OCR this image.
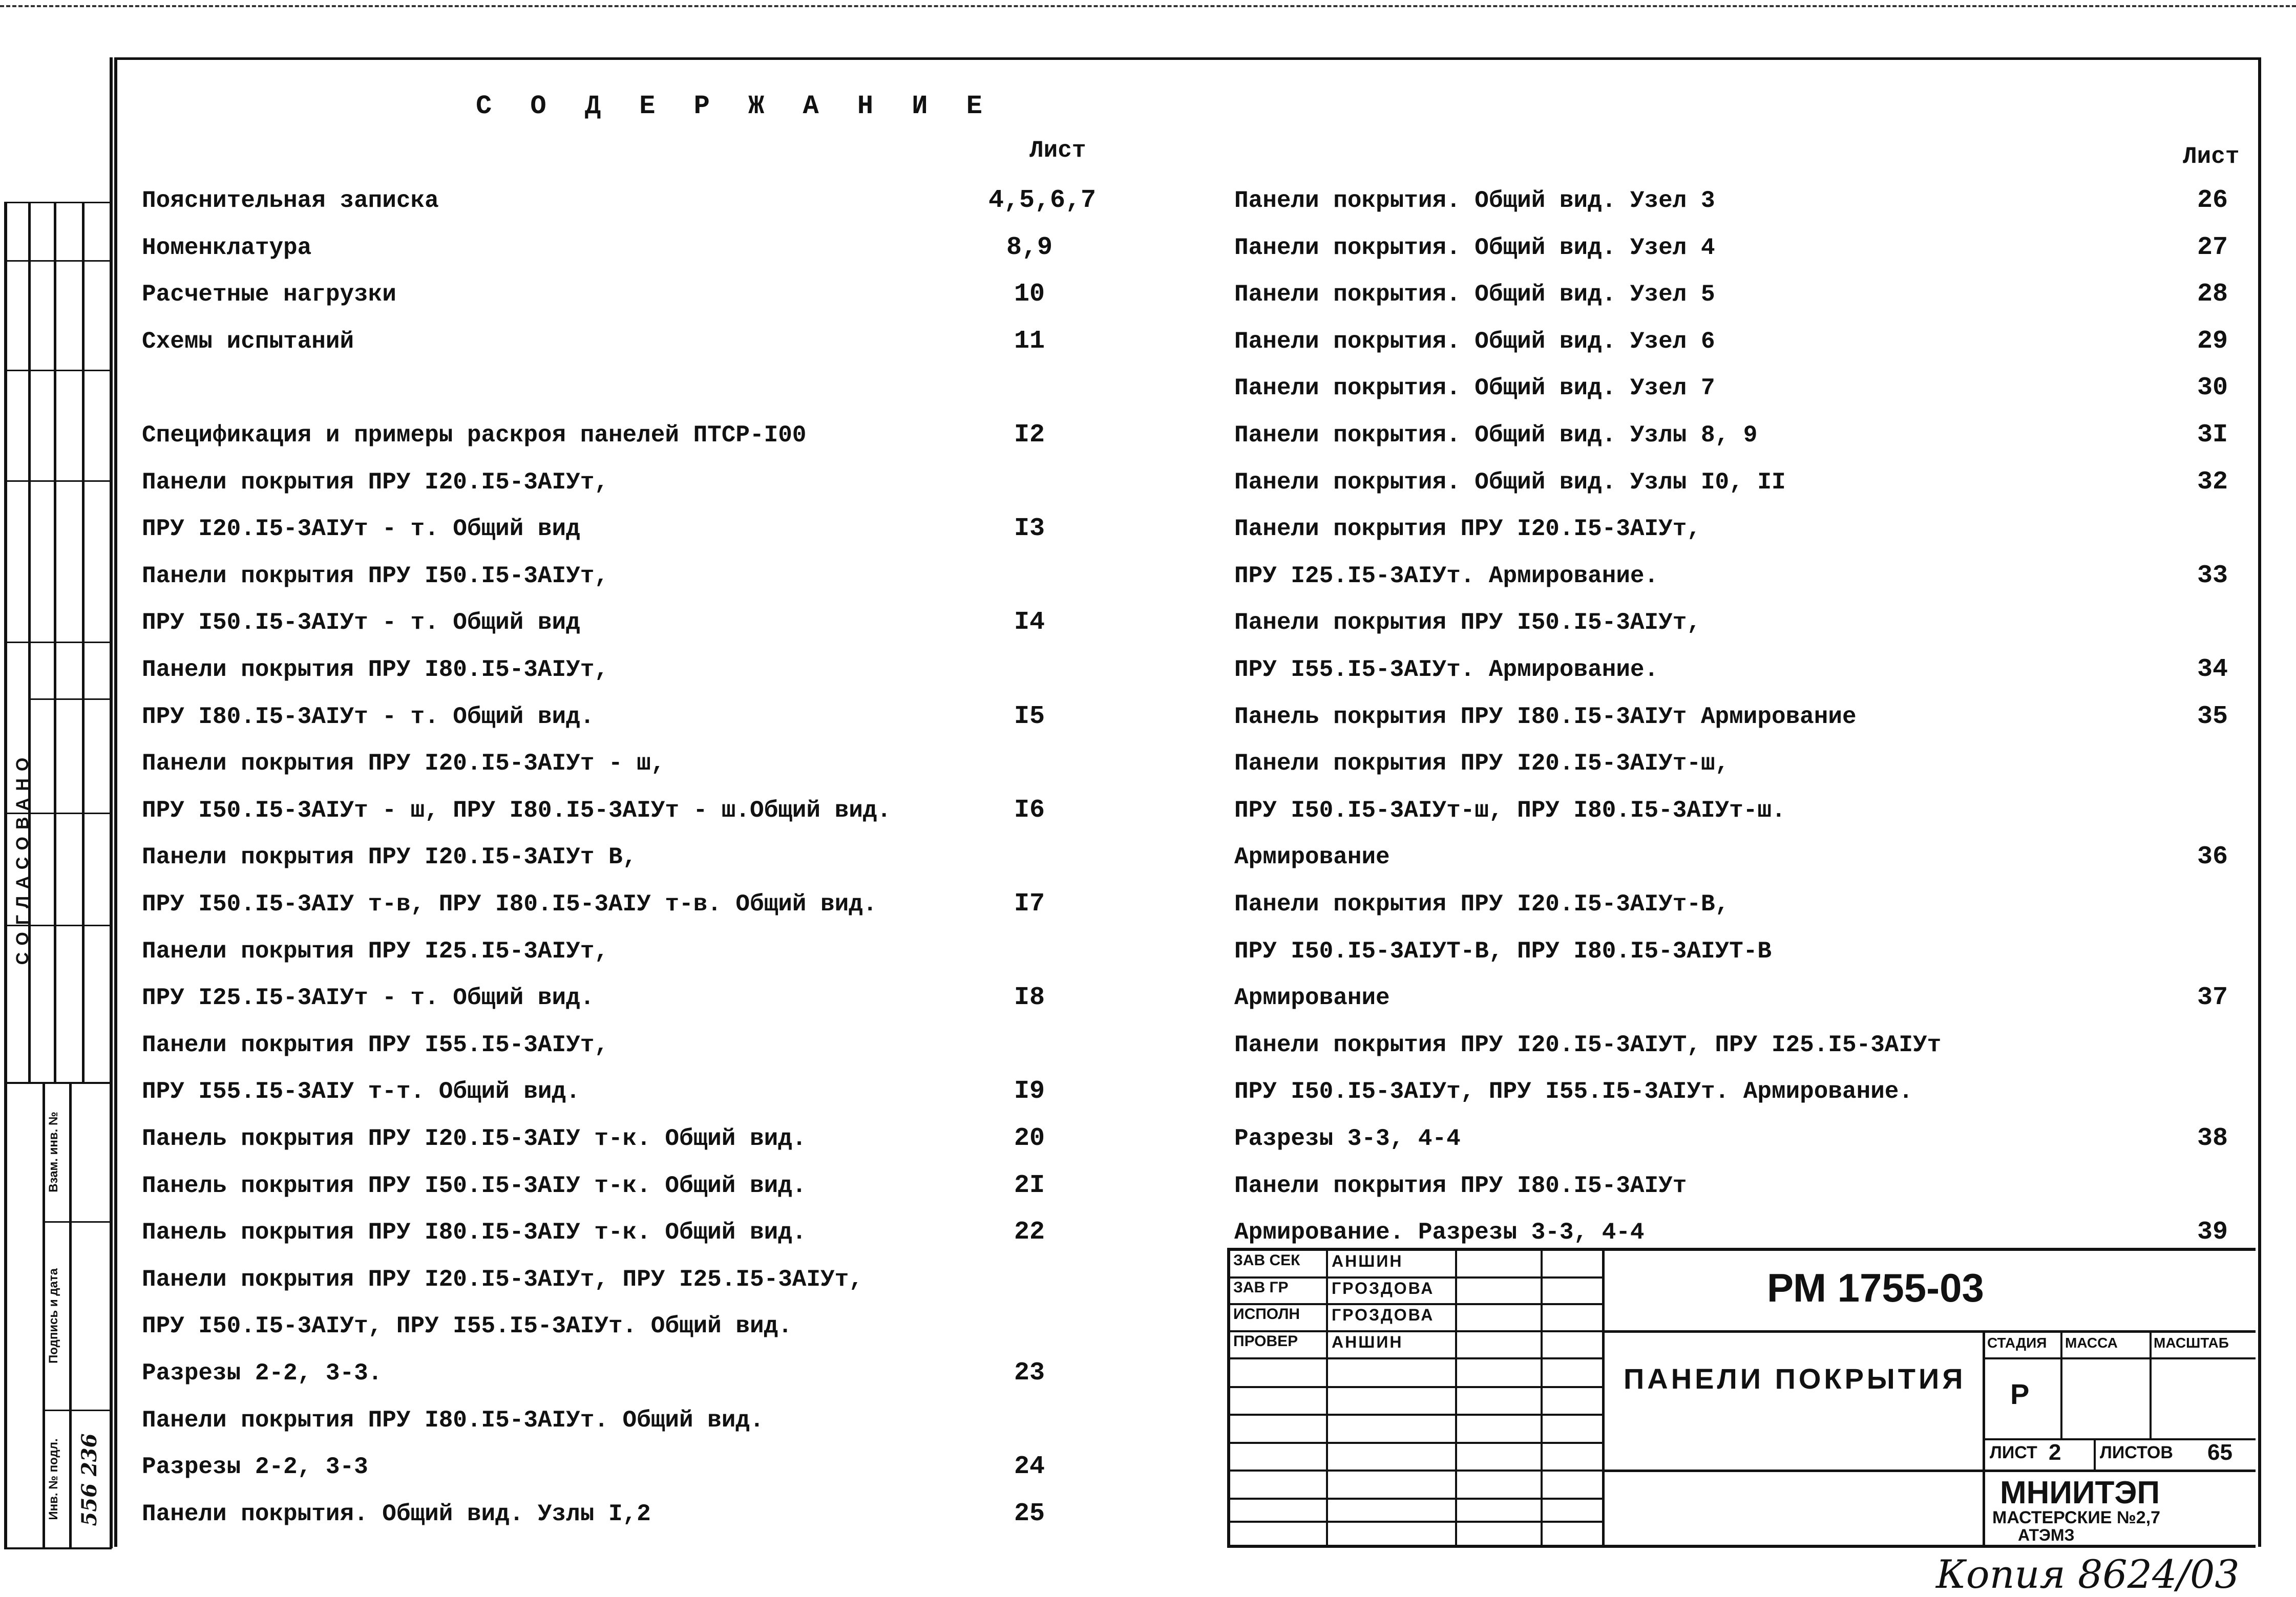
С О Д Е Р Ж А Н И Е
Лист	Лист
Пояснительная записка	4,5,6,7
Номенклатура	8,9
Расчетные нагрузки	10
Схемы испытаний	11
Спецификация и примеры раскроя панелей ПТСР-I00	I2
Панели покрытия ПРУ I20.I5-3AIУт,
ПРУ I20.I5-3AIУт - т. Общий вид	I3
Панели покрытия ПРУ I50.I5-3AIУт,
ПРУ I50.I5-3AIУт - т. Общий вид	I4
Панели покрытия ПРУ I80.I5-3AIУт,
ПРУ I80.I5-3AIУт - т. Общий вид.	I5
Панели покрытия ПРУ I20.I5-3AIУт - ш,
ПРУ I50.I5-3AIУт - ш, ПРУ I80.I5-3AIУт - ш.Общий вид.	I6
Панели покрытия ПРУ I20.I5-3AIУт В,
ПРУ I50.I5-3AIУ т-в, ПРУ I80.I5-3AIУ т-в. Общий вид.	I7
Панели покрытия ПРУ I25.I5-3AIУт,
ПРУ I25.I5-3AIУт - т. Общий вид.	I8
Панели покрытия ПРУ I55.I5-3AIУт,
ПРУ I55.I5-3AIУ т-т. Общий вид.	I9
Панель покрытия ПРУ I20.I5-3AIУ т-к. Общий вид.	20
Панель покрытия ПРУ I50.I5-3AIУ т-к. Общий вид.	2I
Панель покрытия ПРУ I80.I5-3AIУ т-к. Общий вид.	22
Панели покрытия ПРУ I20.I5-3AIУт, ПРУ I25.I5-3AIУт,
ПРУ I50.I5-3AIУт, ПРУ I55.I5-3AIУт. Общий вид.
Разрезы 2-2, 3-3.	23
Панели покрытия ПРУ I80.I5-3AIУт. Общий вид.
Разрезы 2-2, 3-3	24
Панели покрытия. Общий вид. Узлы I,2	25
Панели покрытия. Общий вид. Узел 3	26
Панели покрытия. Общий вид. Узел 4	27
Панели покрытия. Общий вид. Узел 5	28
Панели покрытия. Общий вид. Узел 6	29
Панели покрытия. Общий вид. Узел 7	30
Панели покрытия. Общий вид. Узлы 8, 9	3I
Панели покрытия. Общий вид. Узлы I0, II	32
Панели покрытия ПРУ I20.I5-3AIУт,
ПРУ I25.I5-3AIУт. Армирование.	33
Панели покрытия ПРУ I50.I5-3AIУт,
ПРУ I55.I5-3AIУт. Армирование.	34
Панель покрытия ПРУ I80.I5-3AIУт Армирование	35
Панели покрытия ПРУ I20.I5-3AIУт-ш,
ПРУ I50.I5-3AIУт-ш, ПРУ I80.I5-3AIУт-ш.
Армирование	36
Панели покрытия ПРУ I20.I5-3AIУт-В,
ПРУ I50.I5-3AIУТ-В, ПРУ I80.I5-3AIУТ-В
Армирование	37
Панели покрытия ПРУ I20.I5-3AIУТ, ПРУ I25.I5-3AIУт
ПРУ I50.I5-3AIУт, ПРУ I55.I5-3AIУт. Армирование.
Разрезы 3-3, 4-4	38
Панели покрытия ПРУ I80.I5-3AIУт
Армирование. Разрезы 3-3, 4-4	39
СОГЛАСОВАНО
Взам. инв. №
Подпись и дата
Инв. № подл. 556 236
ЗАВ СЕК АНШИН
ЗАВ ГР	ГРОЗДОВА
ИСПОЛН ГРОЗДОВА
ПРОВЕР АНШИН
РМ 1755-03
ПАНЕЛИ ПОКРЫТИЯ
СТАДИЯ МАССА	МАСШТАБ
Р
ЛИСТ 2 ЛИСТОВ 65
МНИИТЭП
МАСТЕРСКИЕ №2,7
АТЭМЗ
Копия 8624/03
